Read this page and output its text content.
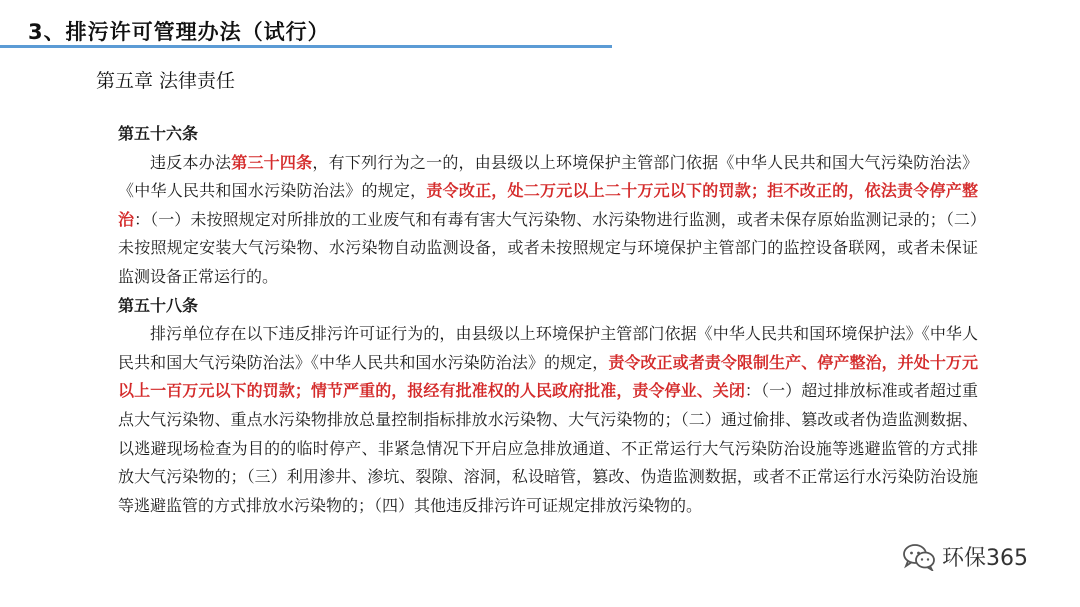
3、排污许可管理办法（试行）
第五章 法律责任

第五十六条

违反本办法第三十四条，有下列行为之一的，由县级以上环境保护主管部门依据《中华人民共和国大气污染防治法》《中华人民共和国水污染防治法》的规定，责令改正，处二万元以上二十万元以下的罚款；拒不改正的，依法责令停产整治：（一）未按照规定对所排放的工业废气和有毒有害大气污染物、水污染物进行监测，或者未保存原始监测记录的；（二）未按照规定安装大气污染物、水污染物自动监测设备，或者未按照规定与环境保护主管部门的监控设备联网，或者未保证监测设备正常运行的。

第五十八条

排污单位存在以下违反排污许可证行为的，由县级以上环境保护主管部门依据《中华人民共和国环境保护法》《中华人民共和国大气污染防治法》《中华人民共和国水污染防治法》的规定，责令改正或者责令限制生产、停产整治，并处十万元以上一百万元以下的罚款；情节严重的，报经有批准权的人民政府批准，责令停业、关闭：（一）超过排放标准或者超过重点大气污染物、重点水污染物排放总量控制指标排放水污染物、大气污染物的；（二）通过偷排、篡改或者伪造监测数据、以逃避现场检查为目的的临时停产、非紧急情况下开启应急排放通道、不正常运行大气污染防治设施等逃避监管的方式排放大气污染物的；（三）利用渗井、渗坑、裂隙、溶洞，私设暗管，篡改、伪造监测数据，或者不正常运行水污染防治设施等逃避监管的方式排放水污染物的；（四）其他违反排污许可证规定排放污染物的。

环保365
